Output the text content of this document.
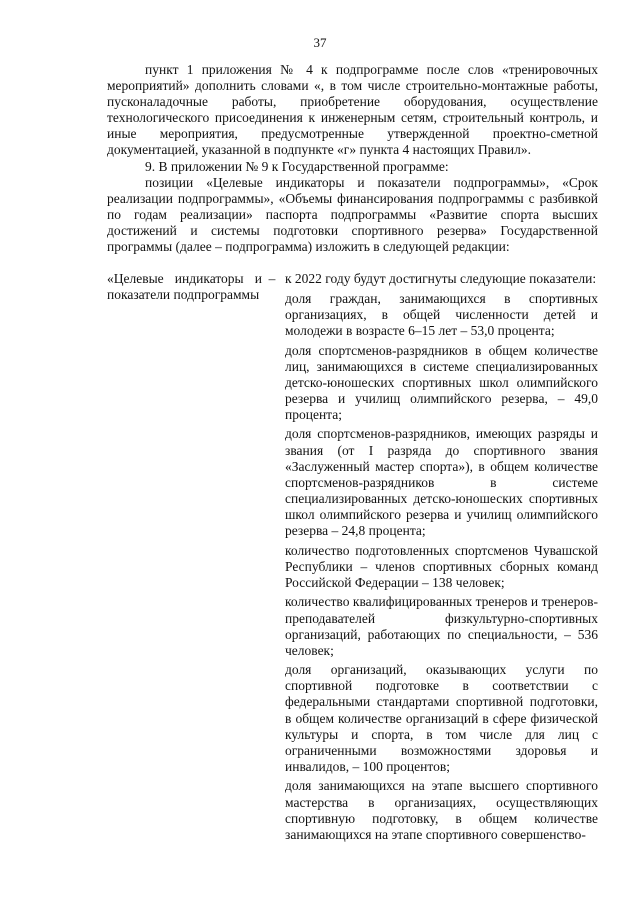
37

пункт 1 приложения № 4 к подпрограмме после слов «тренировочных мероприятий» дополнить словами «, в том числе строительно-монтажные работы, пусконаладочные работы, приобретение оборудования, осуществление технологического присоединения к инженерным сетям, строительный контроль, и иные мероприятия, предусмотренные утвержденной проектно-сметной документацией, указанной в подпункте «г» пункта 4 настоящих Правил».

9. В приложении № 9 к Государственной программе:

позиции «Целевые индикаторы и показатели подпрограммы», «Срок реализации подпрограммы», «Объемы финансирования подпрограммы с разбивкой по годам реализации» паспорта подпрограммы «Развитие спорта высших достижений и системы подготовки спортивного резерва» Государственной программы (далее – подпрограмма) изложить в следующей редакции:

«Целевые индикаторы и показатели подпрограммы
– к 2022 году будут достигнуты следующие показатели:

доля граждан, занимающихся в спортивных организациях, в общей численности детей и молодежи в возрасте 6–15 лет – 53,0 процента;

доля спортсменов-разрядников в общем количестве лиц, занимающихся в системе специализированных детско-юношеских спортивных школ олимпийского резерва и училищ олимпийского резерва, – 49,0 процента;

доля спортсменов-разрядников, имеющих разряды и звания (от I разряда до спортивного звания «Заслуженный мастер спорта»), в общем количестве спортсменов-разрядников в системе специализированных детско-юношеских спортивных школ олимпийского резерва и училищ олимпийского резерва – 24,8 процента;

количество подготовленных спортсменов Чувашской Республики – членов спортивных сборных команд Российской Федерации – 138 человек;

количество квалифицированных тренеров и тренеров-преподавателей физкультурно-спортивных организаций, работающих по специальности, – 536 человек;

доля организаций, оказывающих услуги по спортивной подготовке в соответствии с федеральными стандартами спортивной подготовки, в общем количестве организаций в сфере физической культуры и спорта, в том числе для лиц с ограниченными возможностями здоровья и инвалидов, – 100 процентов;

доля занимающихся на этапе высшего спортивного мастерства в организациях, осуществляющих спортивную подготовку, в общем количестве занимающихся на этапе спортивного совершенство-
